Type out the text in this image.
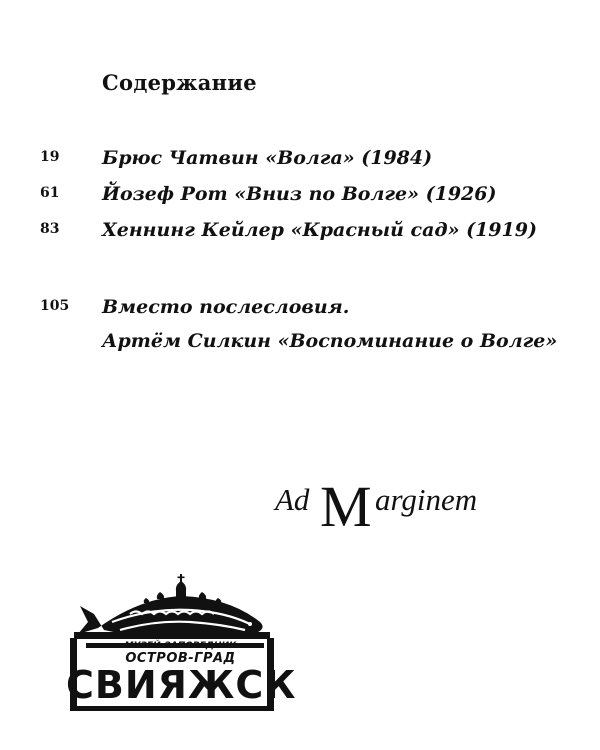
Содержание
19	Брюс Чатвин «Волга» (1984)
61	Йозеф Рот «Вниз по Волге» (1926)
83	Хеннинг Кейлер «Красный сад» (1919)
105	Вместо послесловия.
Артём Силкин «Воспоминание о Волге»
Ad M arginem
МУЗЕЙ-ЗАПОВЕДНИК
ОСТРОВ-ГРАД
СВИЯЖСК
